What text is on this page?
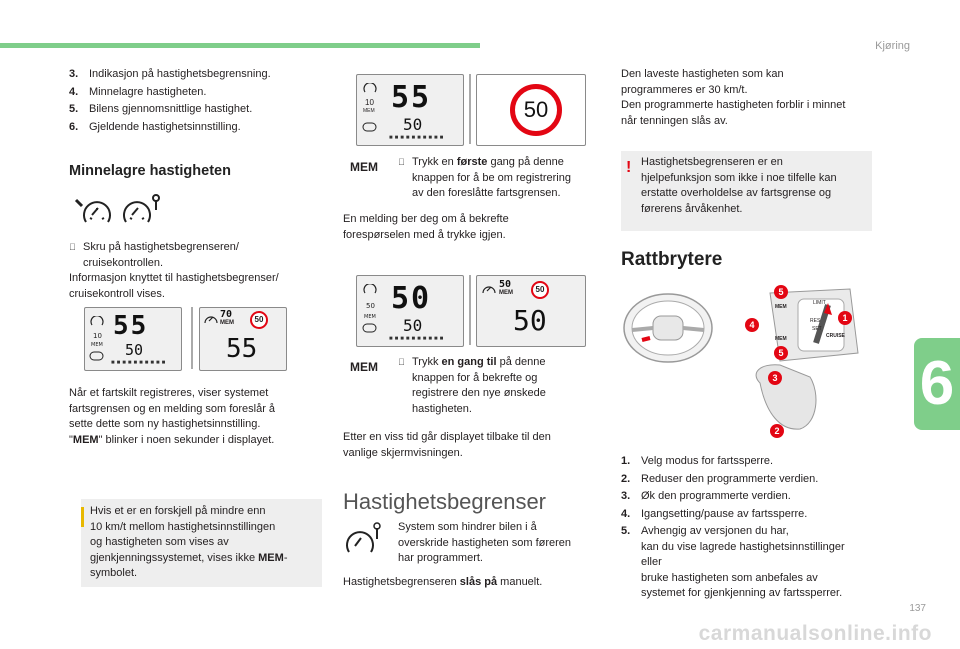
Kjøring
6
137
carmanualsonline.info
3. Indikasjon på hastighetsbegrensning.
4. Minnelagre hastigheten.
5. Bilens gjennomsnittlige hastighet.
6. Gjeldende hastighetsinnstilling.
Minnelagre hastigheten
Skru på hastighetsbegrenseren/
cruisekontrollen.
Informasjon knyttet til hastighetsbegrenser/
cruisekontroll vises.
10
MEM
55
50
■■■■■■■■■■
70
MEM	50
55
Når et fartskilt registreres, viser systemet
fartsgrensen og en melding som foreslår å
sette dette som ny hastighetsinnstilling.
"MEM" blinker i noen sekunder i displayet.
Hvis et er en forskjell på mindre enn
10 km/t mellom hastighetsinnstillingen
og hastigheten som vises av
gjenkjenningssystemet, vises ikke MEM-
symbolet.
10
MEM 55
50
■■■■■■■■■■
50
MEM	Trykk en første gang på denne
knappen for å be om registrering
av den foreslåtte fartsgrensen.
En melding ber deg om å bekrefte
forespørselen med å trykke igjen.
50
MEM
50
50
■■■■■■■■■■
50
MEM	50
50
MEM	Trykk en gang til på denne
knappen for å bekrefte og
registrere den nye ønskede
hastigheten.
Etter en viss tid går displayet tilbake til den
vanlige skjermvisningen.
Hastighetsbegrenser
System som hindrer bilen i å
overskride hastigheten som føreren
har programmert.
Hastighetsbegrenseren slås på manuelt.
Den laveste hastigheten som kan
programmeres er 30 km/t.
Den programmerte hastigheten forblir i minnet
når tenningen slås av.
! Hastighetsbegrenseren er en
hjelpefunksjon som ikke i noe tilfelle kan
erstatte overholdelse av fartsgrense og
førerens årvåkenhet.
Rattbrytere
MEM
MEM
LIMIT
RES
SET
CRUISE
5
4
5
1
3
2
1. Velg modus for fartssperre.
2. Reduser den programmerte verdien.
3. Øk den programmerte verdien.
4. Igangsetting/pause av fartssperre.
5. Avhengig av versjonen du har,
kan du vise lagrede hastighetsinnstillinger
eller
bruke hastigheten som anbefales av
systemet for gjenkjenning av fartssperrer.
